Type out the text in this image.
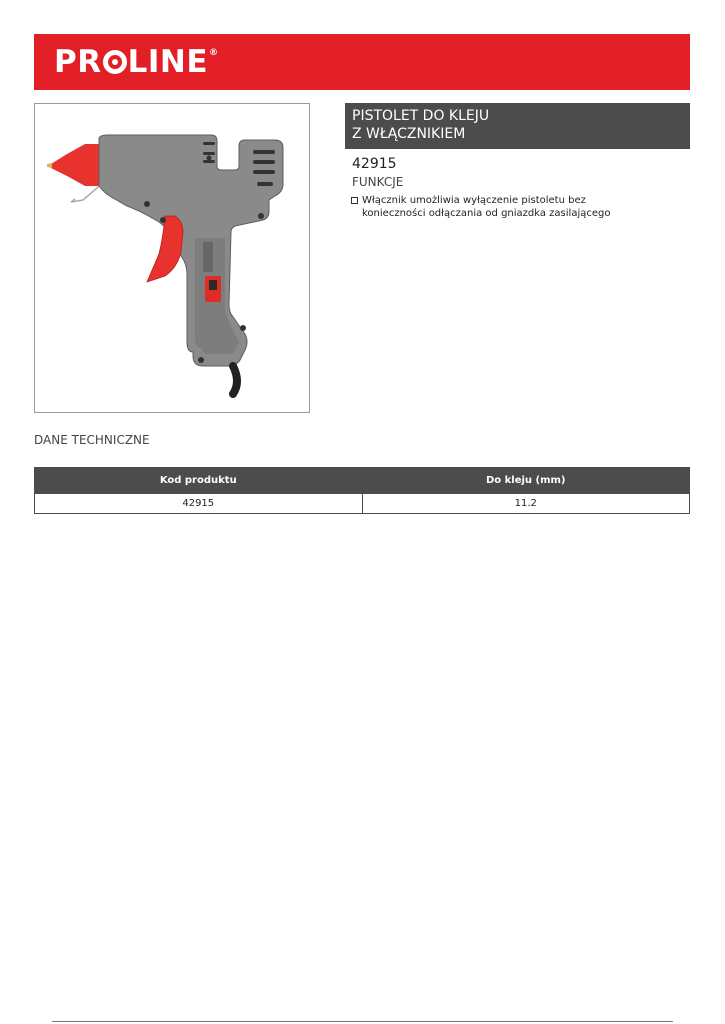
PR LINE ®
PISTOLET DO KLEJU
Z WŁĄCZNIKIEM
42915
FUNKCJE
Włącznik umożliwia wyłączenie pistoletu bez
konieczności odłączania od gniazdka zasilającego
DANE TECHNICZNE
Kod produktu	Do kleju (mm)
42915	11.2
